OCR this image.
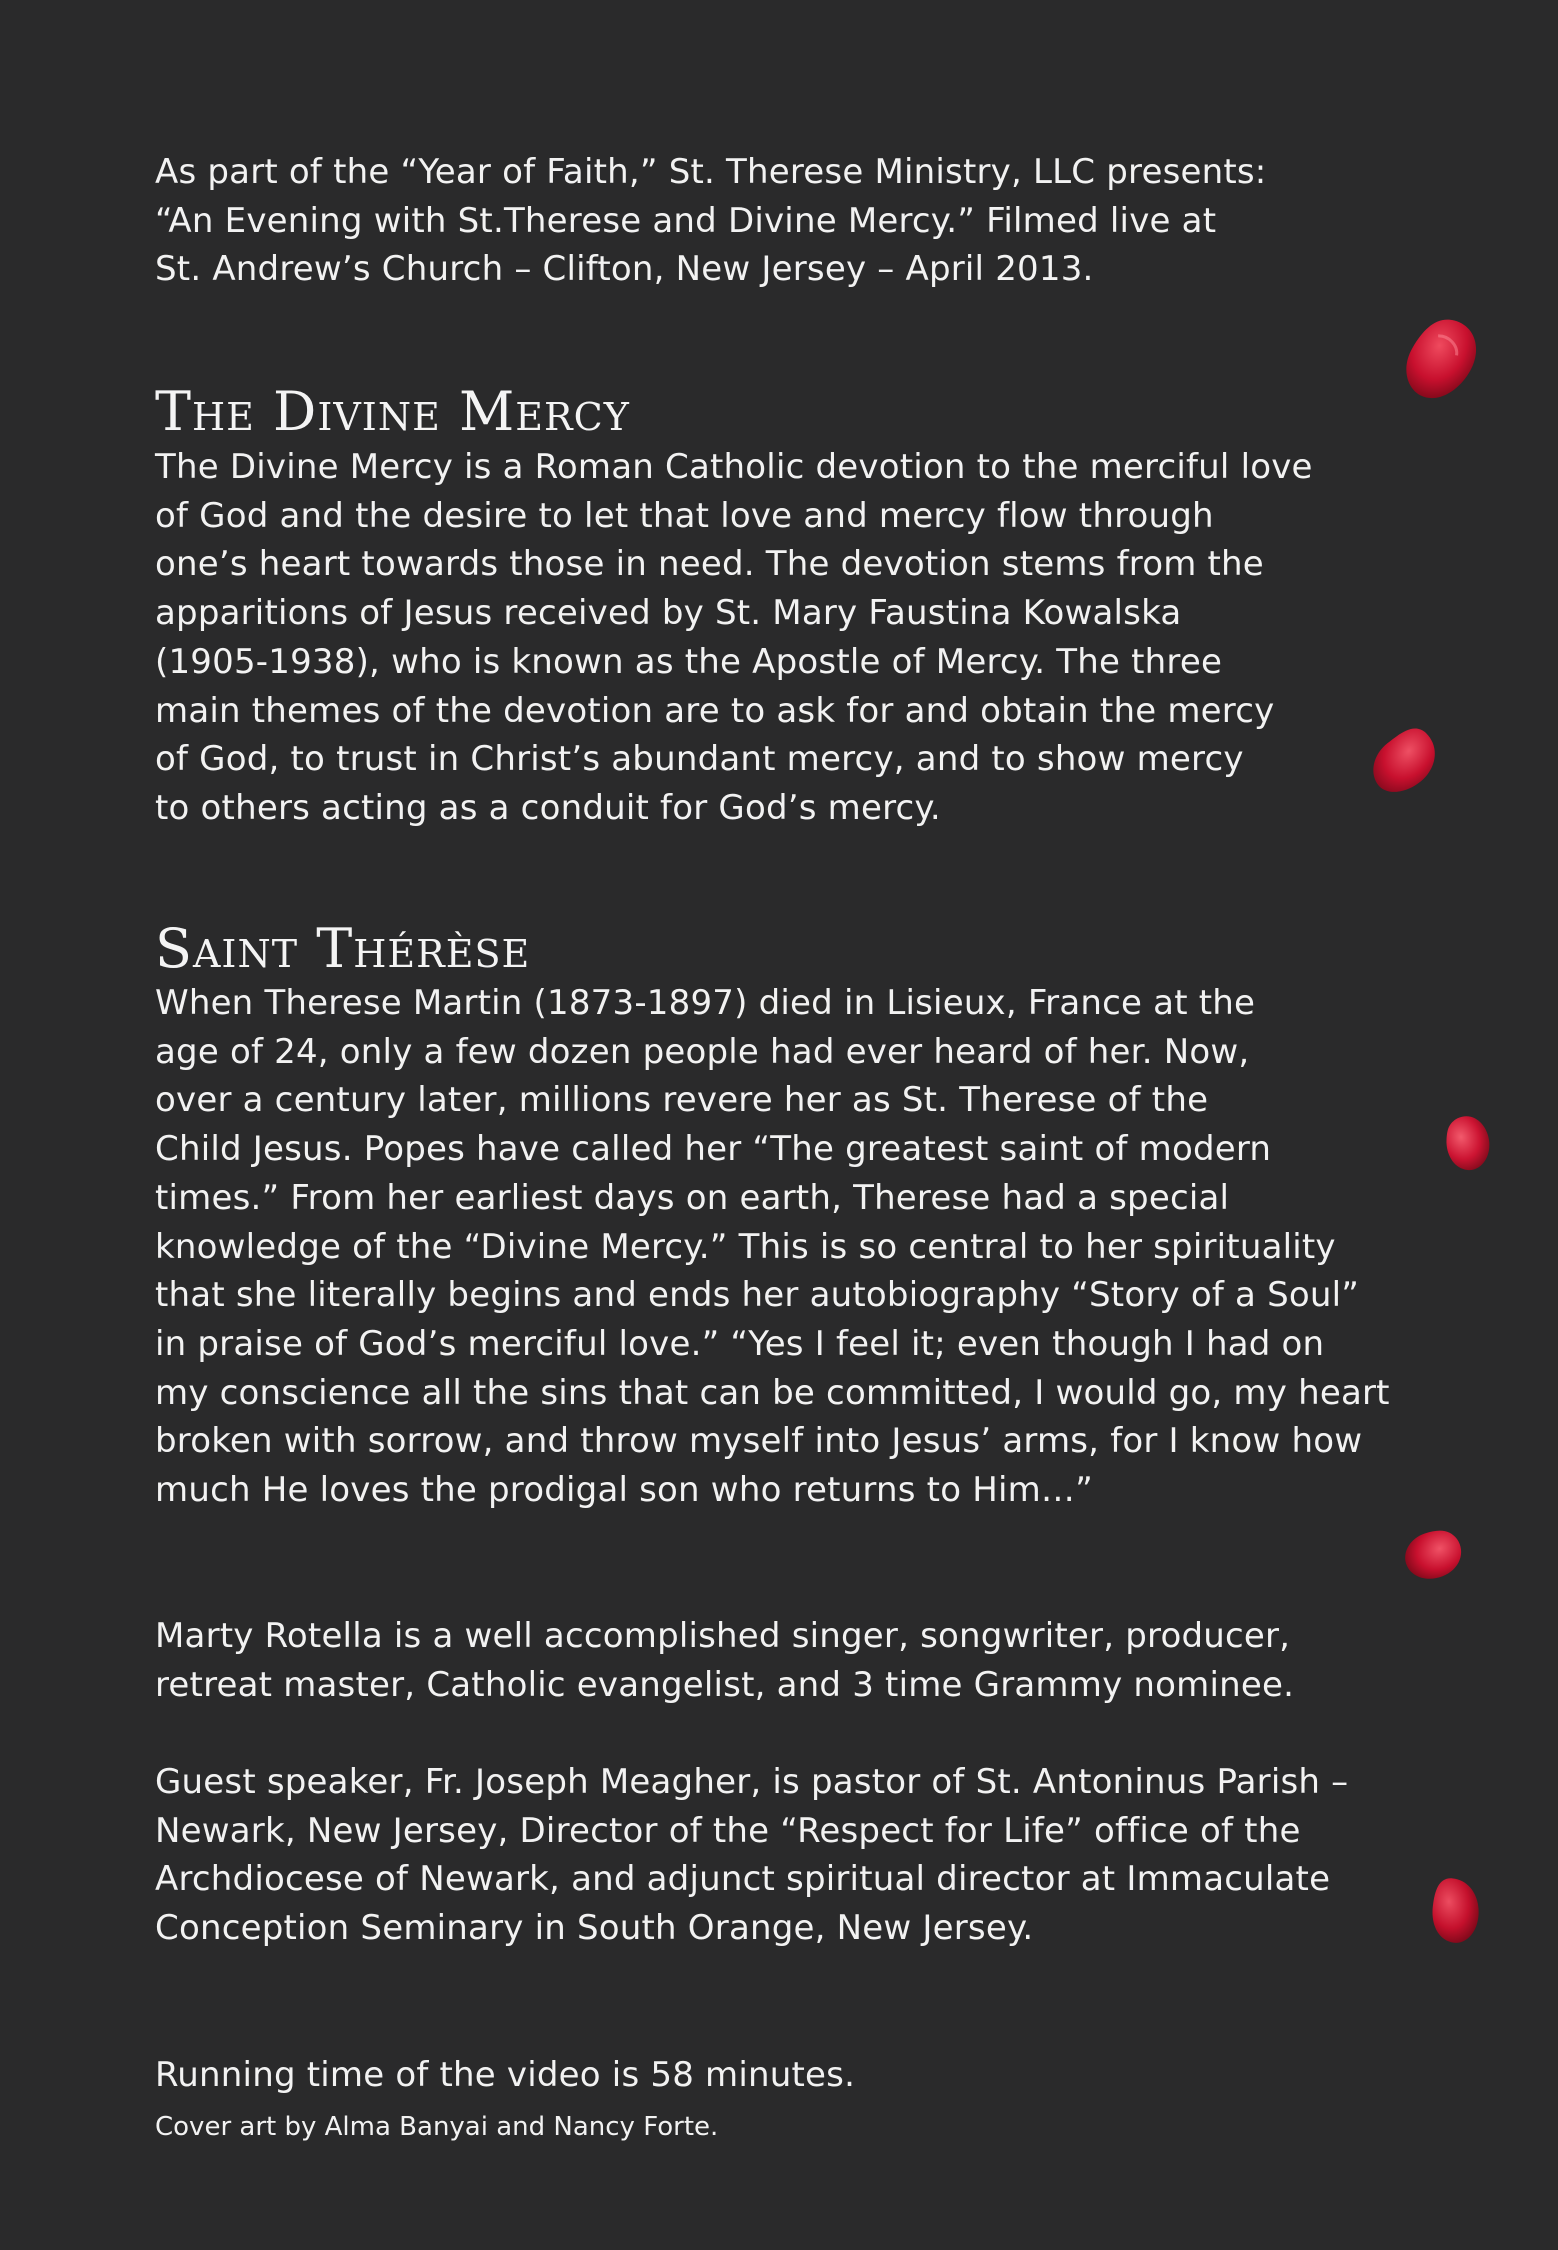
As part of the “Year of Faith,” St. Therese Ministry, LLC presents:
“An Evening with St.Therese and Divine Mercy.” Filmed live at
St. Andrew’s Church – Clifton, New Jersey – April 2013.

The Divine Mercy

The Divine Mercy is a Roman Catholic devotion to the merciful love
of God and the desire to let that love and mercy flow through
one’s heart towards those in need. The devotion stems from the
apparitions of Jesus received by St. Mary Faustina Kowalska
(1905-1938), who is known as the Apostle of Mercy. The three
main themes of the devotion are to ask for and obtain the mercy
of God, to trust in Christ’s abundant mercy, and to show mercy
to others acting as a conduit for God’s mercy.

Saint Thérèse

When Therese Martin (1873-1897) died in Lisieux, France at the
age of 24, only a few dozen people had ever heard of her. Now,
over a century later, millions revere her as St. Therese of the
Child Jesus. Popes have called her “The greatest saint of modern
times.” From her earliest days on earth, Therese had a special
knowledge of the “Divine Mercy.” This is so central to her spirituality
that she literally begins and ends her autobiography “Story of a Soul”
in praise of God’s merciful love.” “Yes I feel it; even though I had on
my conscience all the sins that can be committed, I would go, my heart
broken with sorrow, and throw myself into Jesus’ arms, for I know how
much He loves the prodigal son who returns to Him…”

Marty Rotella is a well accomplished singer, songwriter, producer,
retreat master, Catholic evangelist, and 3 time Grammy nominee.

Guest speaker, Fr. Joseph Meagher, is pastor of St. Antoninus Parish –
Newark, New Jersey, Director of the “Respect for Life” office of the
Archdiocese of Newark, and adjunct spiritual director at Immaculate
Conception Seminary in South Orange, New Jersey.

Running time of the video is 58 minutes.

Cover art by Alma Banyai and Nancy Forte.
